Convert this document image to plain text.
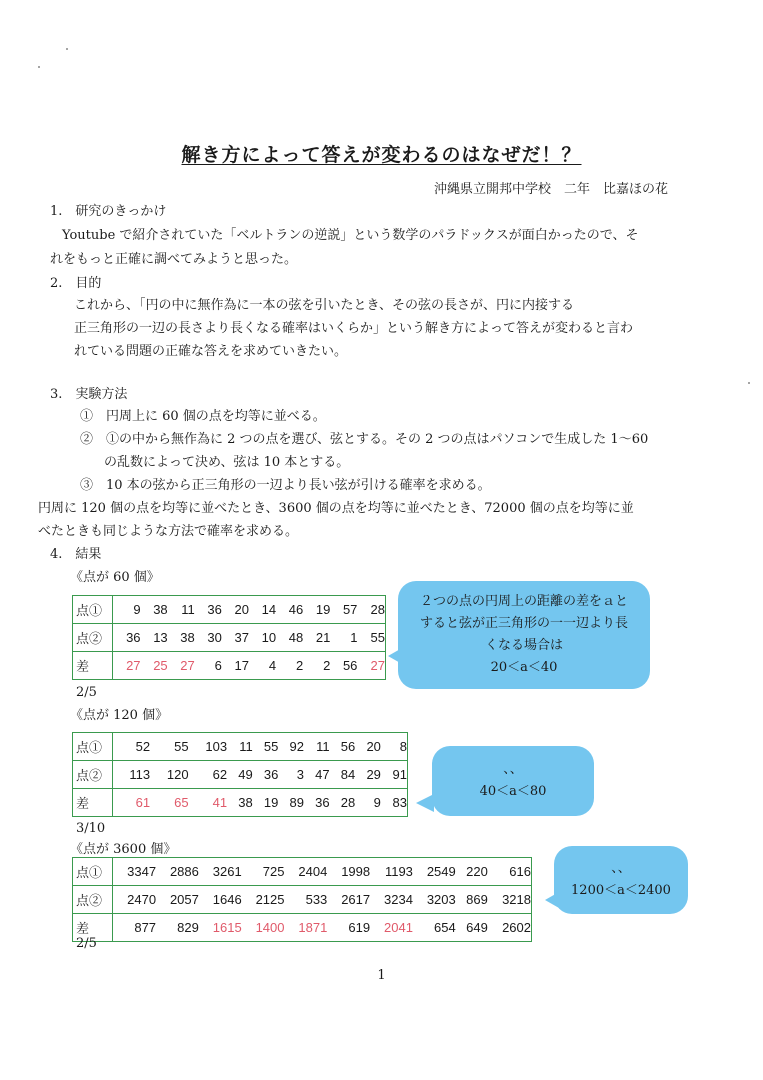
解き方によって答えが変わるのはなぜだ！？
沖縄県立開邦中学校　二年　比嘉ほの花
1.　研究のきっかけ
Youtube で紹介されていた「ベルトランの逆説」という数学のパラドックスが面白かったので、そ
れをもっと正確に調べてみようと思った。
2.　目的
これから、「円の中に無作為に一本の弦を引いたとき、その弦の長さが、円に内接する
正三角形の一辺の長さより長くなる確率はいくらか」という解き方によって答えが変わると言わ
れている問題の正確な答えを求めていきたい。
3.　実験方法
①　円周上に 60 個の点を均等に並べる。
②　①の中から無作為に 2 つの点を選び、弦とする。その 2 つの点はパソコンで生成した 1～60
の乱数によって決め、弦は 10 本とする。
③　10 本の弦から正三角形の一辺より長い弦が引ける確率を求める。
円周に 120 個の点を均等に並べたとき、3600 個の点を均等に並べたとき、72000 個の点を均等に並
べたときも同じような方法で確率を求める。
4.　結果
《点が 60 個》
点①	9	38	11	36	20	14	46	19	57	28
点②	36	13	38	30	37	10	48	21	1	55
差	27	25	27	6	17	4	2	2	56	27
２つの点の円周上の距離の差をａと
すると弦が正三角形の一一辺より長
くなる場合は
20＜a＜40
2/5
《点が 120 個》
点①	52	55	103	11	55	92	11	56	20	8
点②	113	120	62	49	36	3	47	84	29	91
差	61	65	41	38	19	89	36	28	9	83
、、
40＜a＜80
3/10
《点が 3600 個》
点①	3347	2886	3261	725	2404	1998	1193	2549	220	616
点②	2470	2057	1646	2125	533	2617	3234	3203	869	3218
差	877	829	1615	1400	1871	619	2041	654	649	2602
、、
1200＜a＜2400
2/5
1
